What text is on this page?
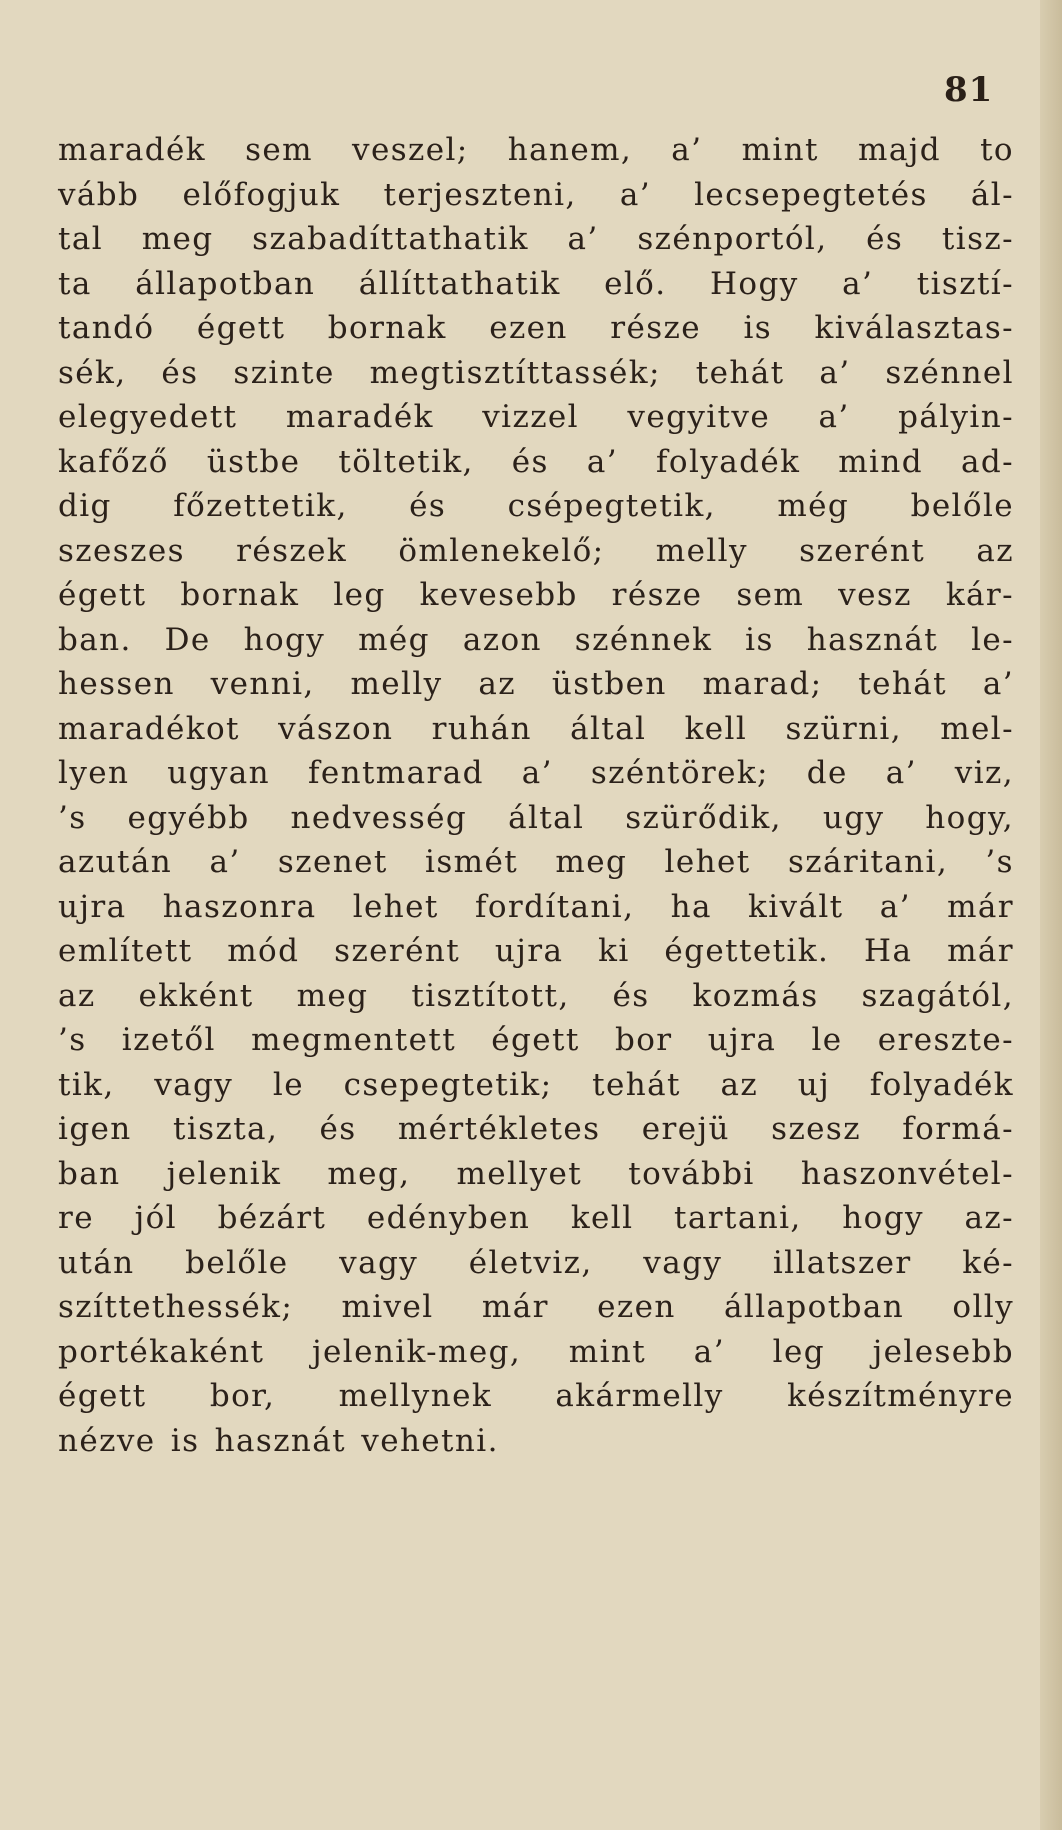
81
maradék sem veszel; hanem, a’ mint majd to
vább előfogjuk terjeszteni, a’ lecsepegtetés ál-
tal meg szabadíttathatik a’ szénportól, és tisz-
ta állapotban állíttathatik elő. Hogy a’ tisztí-
tandó égett bornak ezen része is kiválasztas-
sék, és szinte megtisztíttassék; tehát a’ szénnel
elegyedett maradék vizzel vegyitve a’ pályin-
kafőző üstbe töltetik, és a’ folyadék mind ad-
dig főzettetik, és csépegtetik, még belőle
szeszes részek ömlenekelő; melly szerént az
égett bornak leg kevesebb része sem vesz kár-
ban. De hogy még azon szénnek is hasznát le-
hessen venni, melly az üstben marad; tehát a’
maradékot vászon ruhán által kell szürni, mel-
lyen ugyan fentmarad a’ széntörek; de a’ viz,
’s egyébb nedvesség által szürődik, ugy hogy,
azután a’ szenet ismét meg lehet száritani, ’s
ujra haszonra lehet fordítani, ha kivált a’ már
említett mód szerént ujra ki égettetik. Ha már
az ekként meg tisztított, és kozmás szagától,
’s izetől megmentett égett bor ujra le ereszte-
tik, vagy le csepegtetik; tehát az uj folyadék
igen tiszta, és mértékletes erejü szesz formá-
ban jelenik meg, mellyet további haszonvétel-
re jól bézárt edényben kell tartani, hogy az-
után belőle vagy életviz, vagy illatszer ké-
szíttethessék; mivel már ezen állapotban olly
portékaként jelenik-meg, mint a’ leg jelesebb
égett bor, mellynek akármelly készítményre
nézve is hasznát vehetni.
